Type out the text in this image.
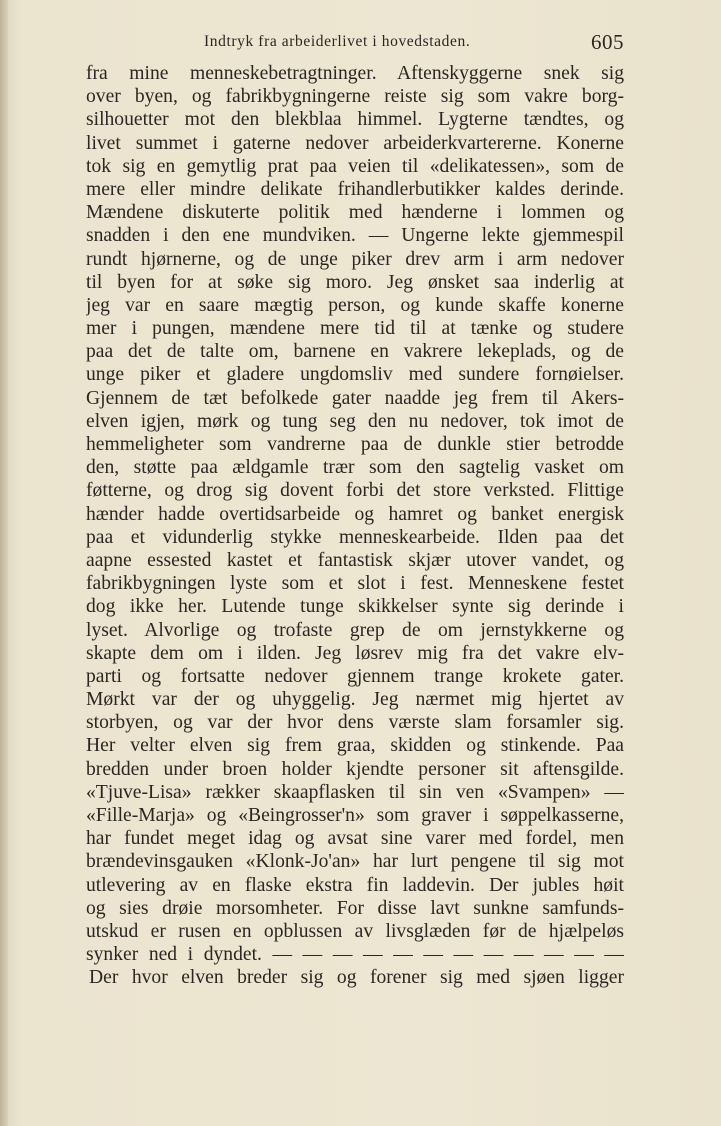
Indtryk fra arbeiderlivet i hovedstaden.	605
fra mine menneskebetragtninger. Aftenskyggerne snek sig
over byen, og fabrikbygningerne reiste sig som vakre borg-
silhouetter mot den blekblaa himmel. Lygterne tændtes, og
livet summet i gaterne nedover arbeiderkvartererne. Konerne
tok sig en gemytlig prat paa veien til «delikatessen», som de
mere eller mindre delikate frihandlerbutikker kaldes derinde.
Mændene diskuterte politik med hænderne i lommen og
snadden i den ene mundviken. — Ungerne lekte gjemmespil
rundt hjørnerne, og de unge piker drev arm i arm nedover
til byen for at søke sig moro. Jeg ønsket saa inderlig at
jeg var en saare mægtig person, og kunde skaffe konerne
mer i pungen, mændene mere tid til at tænke og studere
paa det de talte om, barnene en vakrere lekeplads, og de
unge piker et gladere ungdomsliv med sundere fornøielser.
Gjennem de tæt befolkede gater naadde jeg frem til Akers-
elven igjen, mørk og tung seg den nu nedover, tok imot de
hemmeligheter som vandrerne paa de dunkle stier betrodde
den, støtte paa ældgamle trær som den sagtelig vasket om
føtterne, og drog sig dovent forbi det store verksted. Flittige
hænder hadde overtidsarbeide og hamret og banket energisk
paa et vidunderlig stykke menneskearbeide. Ilden paa det
aapne essested kastet et fantastisk skjær utover vandet, og
fabrikbygningen lyste som et slot i fest. Menneskene festet
dog ikke her. Lutende tunge skikkelser synte sig derinde i
lyset. Alvorlige og trofaste grep de om jernstykkerne og
skapte dem om i ilden. Jeg løsrev mig fra det vakre elv-
parti og fortsatte nedover gjennem trange krokete gater.
Mørkt var der og uhyggelig. Jeg nærmet mig hjertet av
storbyen, og var der hvor dens værste slam forsamler sig.
Her velter elven sig frem graa, skidden og stinkende. Paa
bredden under broen holder kjendte personer sit aftensgilde.
«Tjuve-Lisa» rækker skaapflasken til sin ven «Svampen» —
«Fille-Marja» og «Beingrosser'n» som graver i søppelkasserne,
har fundet meget idag og avsat sine varer med fordel, men
brændevinsgauken «Klonk-Jo'an» har lurt pengene til sig mot
utlevering av en flaske ekstra fin laddevin. Der jubles høit
og sies drøie morsomheter. For disse lavt sunkne samfunds-
utskud er rusen en opblussen av livsglæden før de hjælpeløs
synker ned i dyndet. — — — — — — — — — — — —
Der hvor elven breder sig og forener sig med sjøen ligger
